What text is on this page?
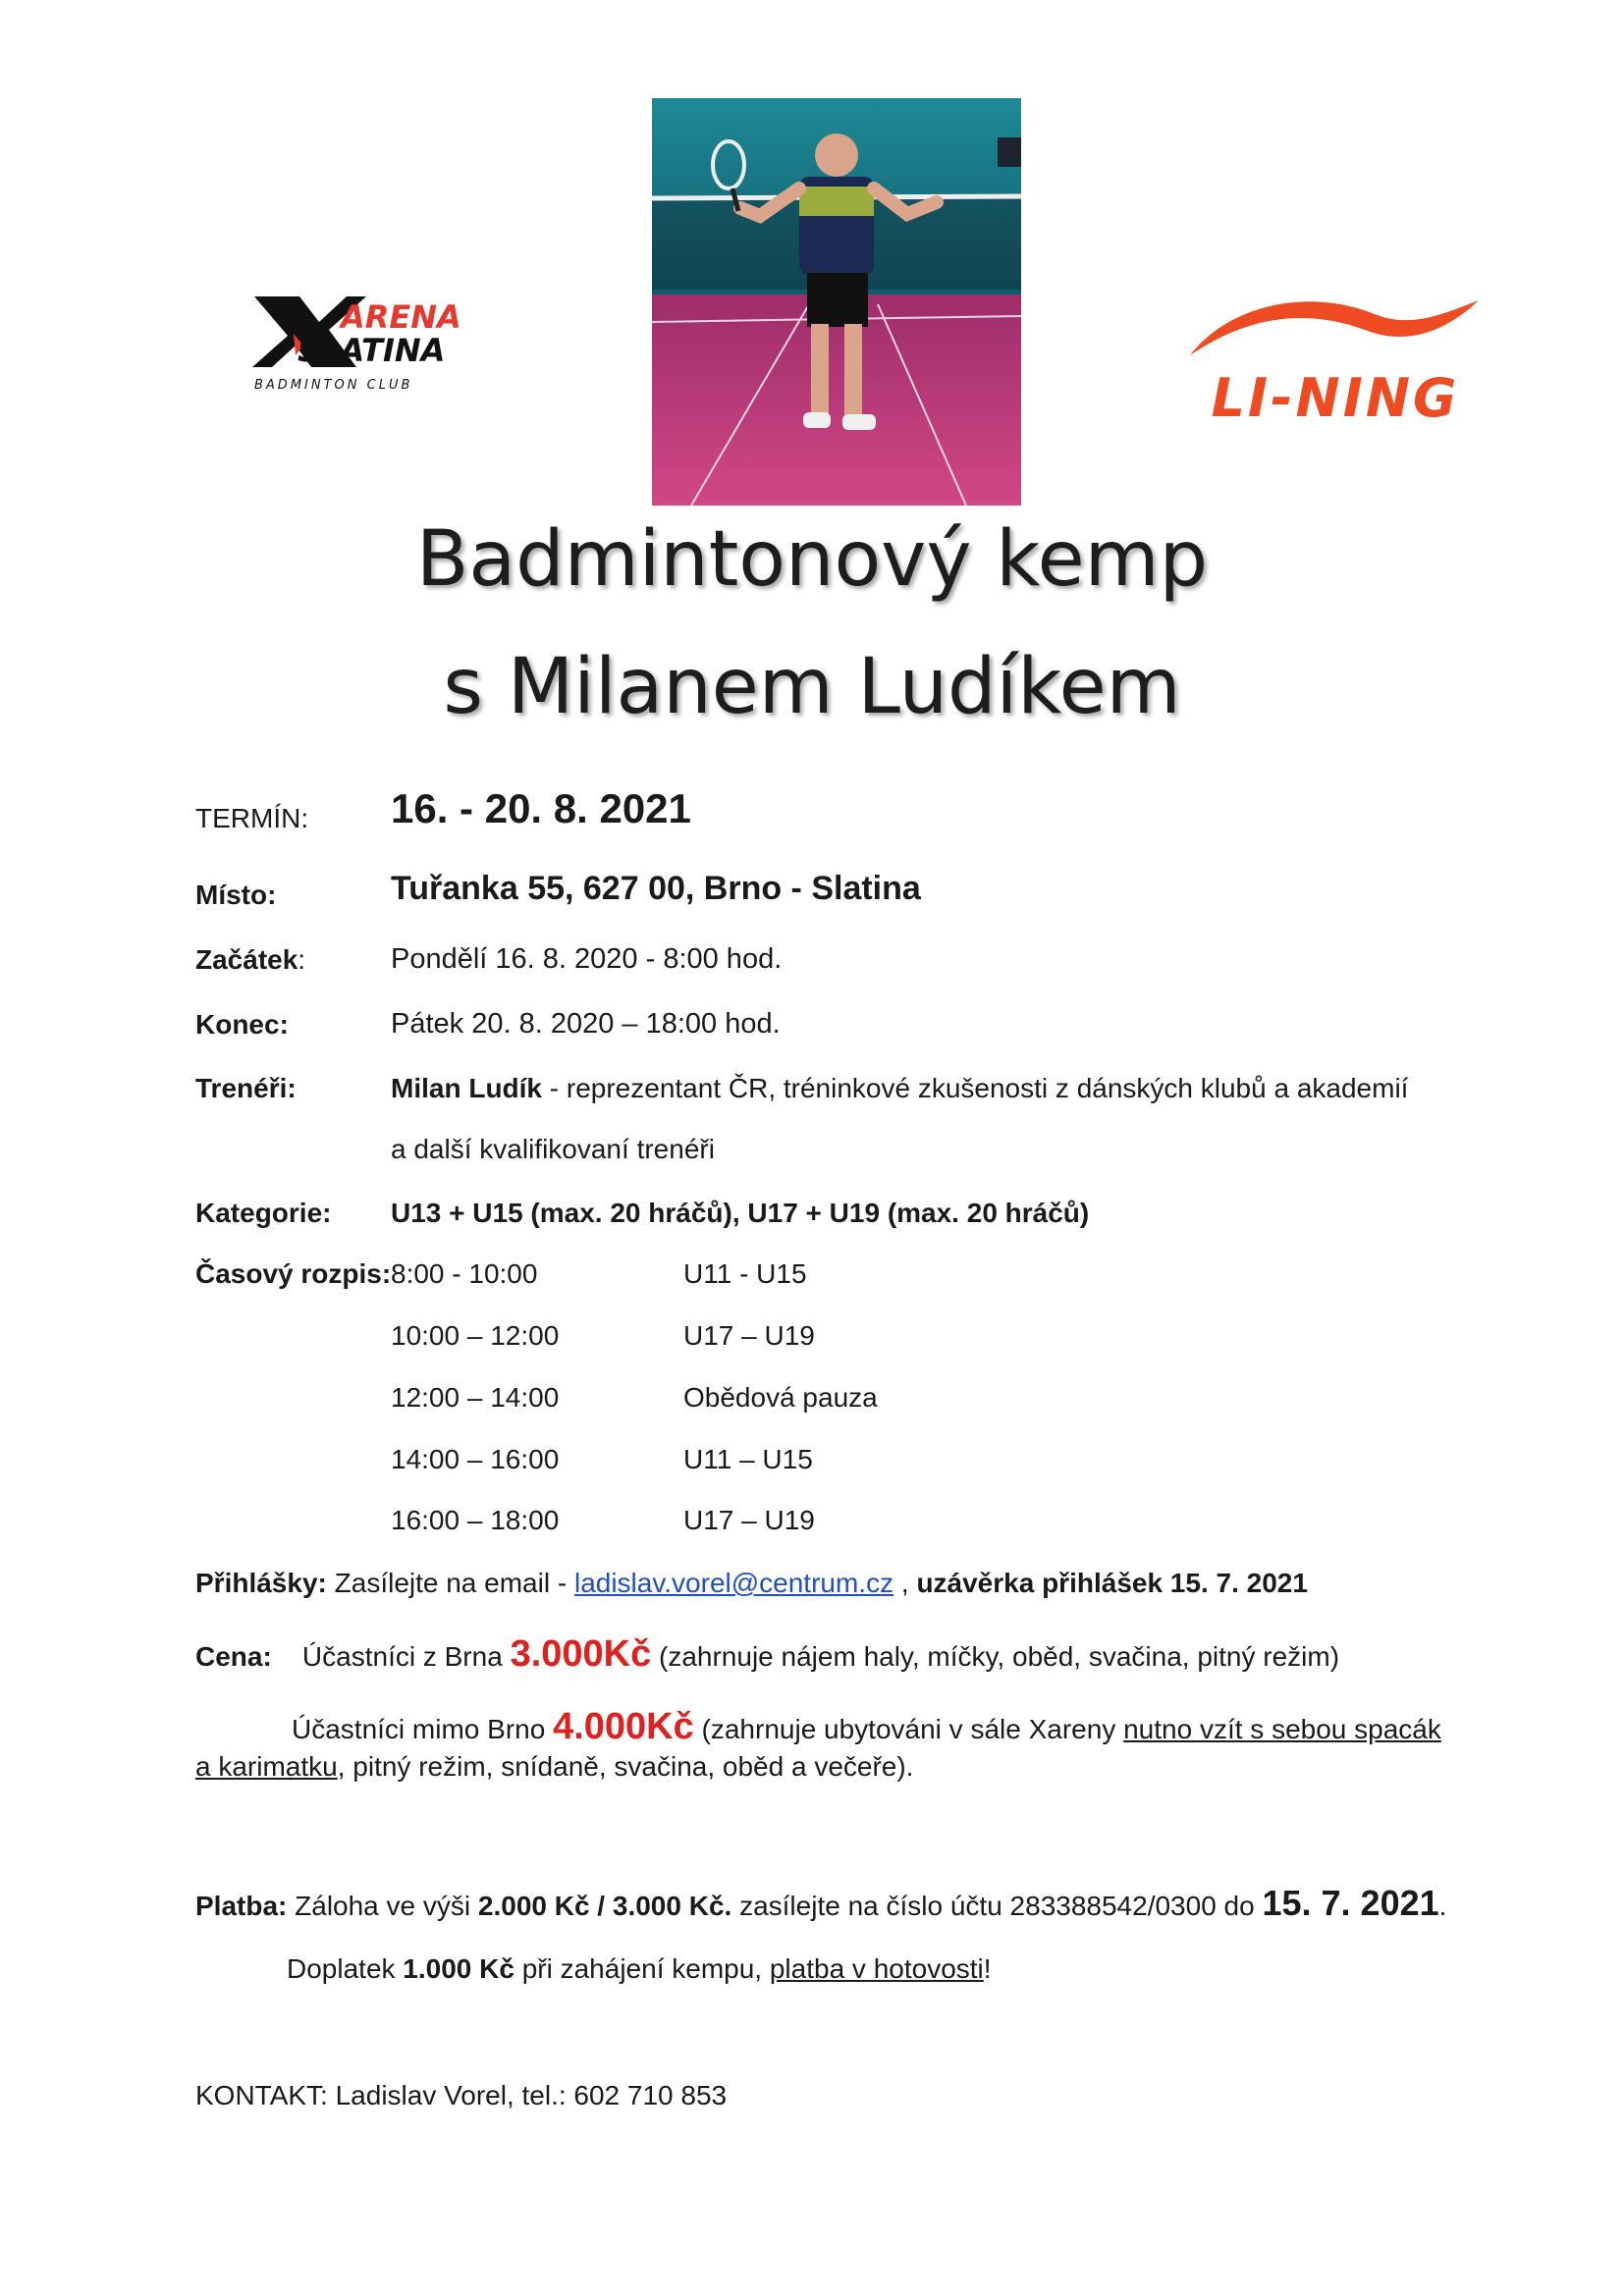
ARENA
SLATINA
BADMINTON CLUB	LI-NING
Badmintonový kemp
s Milanem Ludíkem
TERMÍN: 16. - 20. 8. 2021
Místo:	Tuřanka 55, 627 00, Brno - Slatina
Začátek:	Pondělí 16. 8. 2020 - 8:00 hod.
Konec:	Pátek 20. 8. 2020 – 18:00 hod.
Trenéři:	Milan Ludík - reprezentant ČR, tréninkové zkušenosti z dánských klubů a akademií
a další kvalifikovaní trenéři
Kategorie: U13 + U15 (max. 20 hráčů), U17 + U19 (max. 20 hráčů)
Časový rozpis: 8:00 - 10:00	U11 - U15
10:00 – 12:00	U17 – U19
12:00 – 14:00	Obědová pauza
14:00 – 16:00	U11 – U15
16:00 – 18:00	U17 – U19
Přihlášky: Zasílejte na email - ladislav.vorel@centrum.cz , uzávěrka přihlášek 15. 7. 2021
Cena: Účastníci z Brna 3.000Kč (zahrnuje nájem haly, míčky, oběd, svačina, pitný režim)
Účastníci mimo Brno 4.000Kč (zahrnuje ubytováni v sále Xareny nutno vzít s sebou spacák
a karimatku, pitný režim, snídaně, svačina, oběd a večeře).
Platba: Záloha ve výši 2.000 Kč / 3.000 Kč. zasílejte na číslo účtu 283388542/0300 do 15. 7. 2021.
Doplatek 1.000 Kč při zahájení kempu, platba v hotovosti!
KONTAKT: Ladislav Vorel, tel.: 602 710 853
